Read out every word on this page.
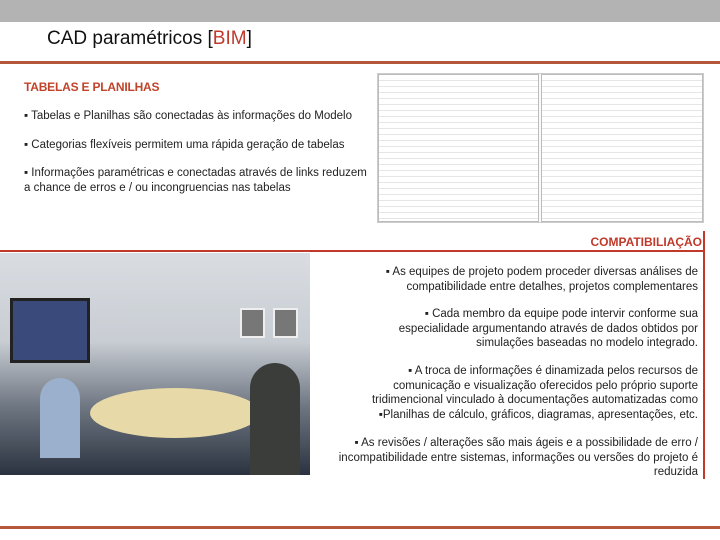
CAD paramétricos [BIM]
TABELAS E PLANILHAS
▪ Tabelas e Planilhas são conectadas às informações do Modelo
▪ Categorias flexíveis permitem uma rápida geração de tabelas
▪ Informações paramétricas e conectadas através de links reduzem a chance de erros e / ou incongruencias nas tabelas
COMPATIBILIAÇÃO
▪ As equipes de projeto podem proceder diversas análises de compatibilidade entre detalhes, projetos complementares
▪ Cada membro da equipe pode intervir conforme sua especialidade argumentando através de dados obtidos por simulações baseadas no modelo integrado.
▪ A troca de informações é dinamizada pelos recursos de comunicação e visualização oferecidos pelo próprio suporte tridimencional vinculado à documentações automatizadas como ▪Planilhas de cálculo, gráficos, diagramas, apresentações, etc.
▪ As revisões / alterações são mais ágeis e a possibilidade de erro / incompatibilidade entre sistemas, informações ou versões do projeto é reduzida
